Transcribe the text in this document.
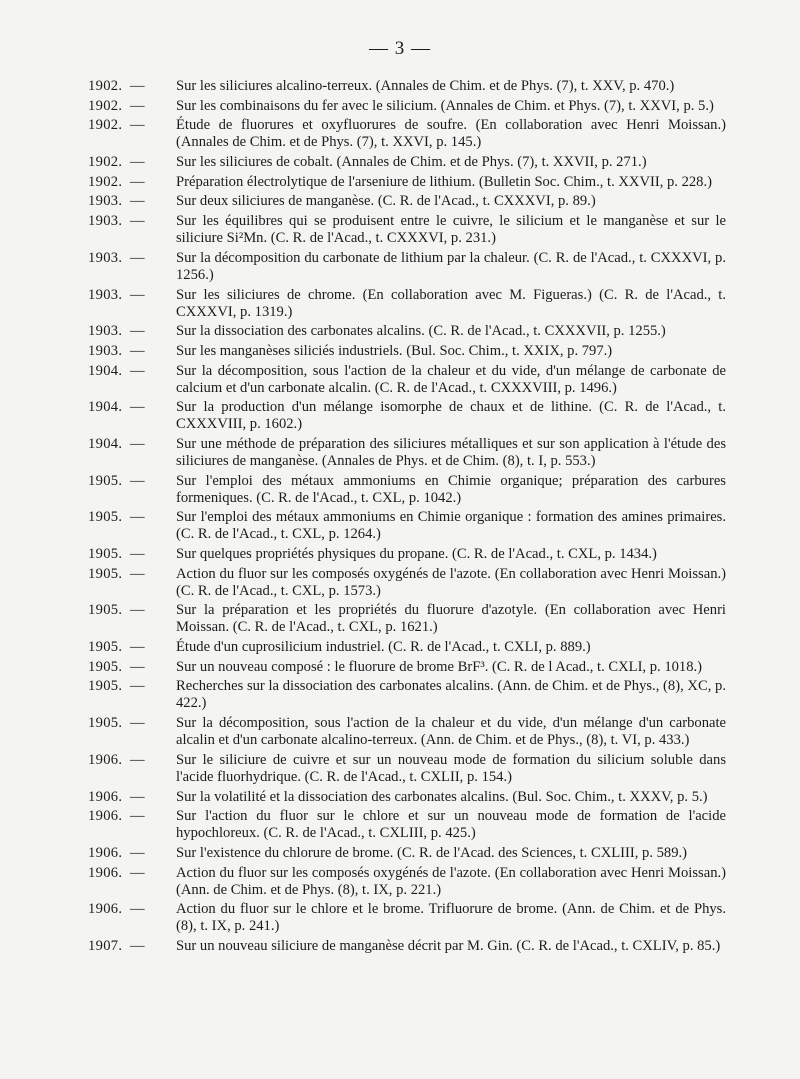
— 3 —
1902. — Sur les siliciures alcalino-terreux. (Annales de Chim. et de Phys. (7), t. XXV, p. 470.)
1902. — Sur les combinaisons du fer avec le silicium. (Annales de Chim. et Phys. (7), t. XXVI, p. 5.)
1902. — Étude de fluorures et oxyfluorures de soufre. (En collaboration avec Henri Moissan.) (Annales de Chim. et de Phys. (7), t. XXVI, p. 145.)
1902. — Sur les siliciures de cobalt. (Annales de Chim. et de Phys. (7), t. XXVII, p. 271.)
1902. — Préparation électrolytique de l'arseniure de lithium. (Bulletin Soc. Chim., t. XXVII, p. 228.)
1903. — Sur deux siliciures de manganèse. (C. R. de l'Acad., t. CXXXVI, p. 89.)
1903. — Sur les équilibres qui se produisent entre le cuivre, le silicium et le manganèse et sur le siliciure Si²Mn. (C. R. de l'Acad., t. CXXXVI, p. 231.)
1903. — Sur la décomposition du carbonate de lithium par la chaleur. (C. R. de l'Acad., t. CXXXVI, p. 1256.)
1903. — Sur les siliciures de chrome. (En collaboration avec M. Figueras.) (C. R. de l'Acad., t. CXXXVI, p. 1319.)
1903. — Sur la dissociation des carbonates alcalins. (C. R. de l'Acad., t. CXXXVII, p. 1255.)
1903. — Sur les manganèses siliciés industriels. (Bul. Soc. Chim., t. XXIX, p. 797.)
1904. — Sur la décomposition, sous l'action de la chaleur et du vide, d'un mélange de carbonate de calcium et d'un carbonate alcalin. (C. R. de l'Acad., t. CXXXVIII, p. 1496.)
1904. — Sur la production d'un mélange isomorphe de chaux et de lithine. (C. R. de l'Acad., t. CXXXVIII, p. 1602.)
1904. — Sur une méthode de préparation des siliciures métalliques et sur son application à l'étude des siliciures de manganèse. (Annales de Phys. et de Chim. (8), t. I, p. 553.)
1905. — Sur l'emploi des métaux ammoniums en Chimie organique; préparation des carbures formeniques. (C. R. de l'Acad., t. CXL, p. 1042.)
1905. — Sur l'emploi des métaux ammoniums en Chimie organique : formation des amines primaires. (C. R. de l'Acad., t. CXL, p. 1264.)
1905. — Sur quelques propriétés physiques du propane. (C. R. de l'Acad., t. CXL, p. 1434.)
1905. — Action du fluor sur les composés oxygénés de l'azote. (En collaboration avec Henri Moissan.) (C. R. de l'Acad., t. CXL, p. 1573.)
1905. — Sur la préparation et les propriétés du fluorure d'azotyle. (En collaboration avec Henri Moissan. (C. R. de l'Acad., t. CXL, p. 1621.)
1905. — Étude d'un cuprosilicium industriel. (C. R. de l'Acad., t. CXLI, p. 889.)
1905. — Sur un nouveau composé : le fluorure de brome BrF³. (C. R. de l Acad., t. CXLI, p. 1018.)
1905. — Recherches sur la dissociation des carbonates alcalins. (Ann. de Chim. et de Phys., (8), XC, p. 422.)
1905. — Sur la décomposition, sous l'action de la chaleur et du vide, d'un mélange d'un carbonate alcalin et d'un carbonate alcalino-terreux. (Ann. de Chim. et de Phys., (8), t. VI, p. 433.)
1906. — Sur le siliciure de cuivre et sur un nouveau mode de formation du silicium soluble dans l'acide fluorhydrique. (C. R. de l'Acad., t. CXLII, p. 154.)
1906. — Sur la volatilité et la dissociation des carbonates alcalins. (Bul. Soc. Chim., t. XXXV, p. 5.)
1906. — Sur l'action du fluor sur le chlore et sur un nouveau mode de formation de l'acide hypochloreux. (C. R. de l'Acad., t. CXLIII, p. 425.)
1906. — Sur l'existence du chlorure de brome. (C. R. de l'Acad. des Sciences, t. CXLIII, p. 589.)
1906. — Action du fluor sur les composés oxygénés de l'azote. (En collaboration avec Henri Moissan.) (Ann. de Chim. et de Phys. (8), t. IX, p. 221.)
1906. — Action du fluor sur le chlore et le brome. Trifluorure de brome. (Ann. de Chim. et de Phys. (8), t. IX, p. 241.)
1907. — Sur un nouveau siliciure de manganèse décrit par M. Gin. (C. R. de l'Acad., t. CXLIV, p. 85.)
